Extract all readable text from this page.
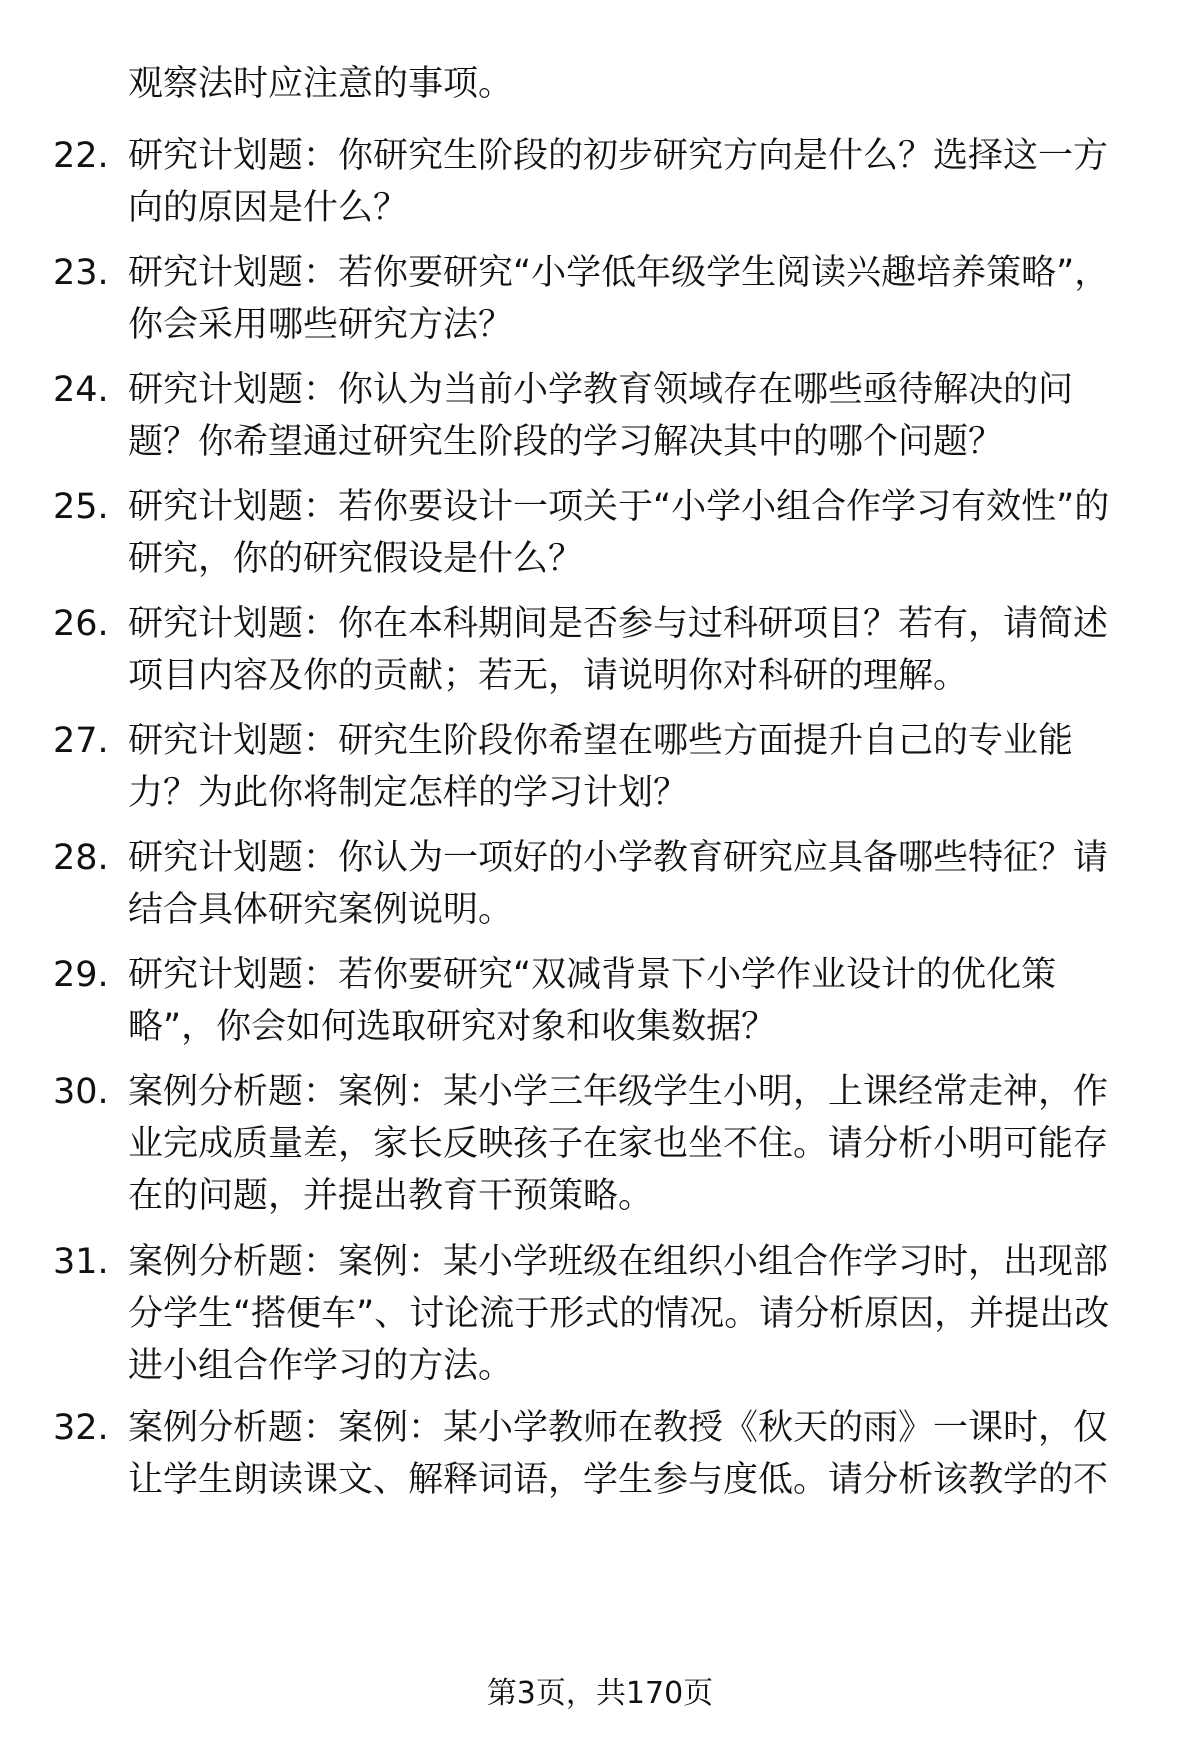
观察法时应注意的事项。

22. 研究计划题：你研究生阶段的初步研究方向是什么？选择这一方向的原因是什么？
23. 研究计划题：若你要研究“小学低年级学生阅读兴趣培养策略”，你会采用哪些研究方法？
24. 研究计划题：你认为当前小学教育领域存在哪些亟待解决的问题？你希望通过研究生阶段的学习解决其中的哪个问题？
25. 研究计划题：若你要设计一项关于“小学小组合作学习有效性”的研究，你的研究假设是什么？
26. 研究计划题：你在本科期间是否参与过科研项目？若有，请简述项目内容及你的贡献；若无，请说明你对科研的理解。
27. 研究计划题：研究生阶段你希望在哪些方面提升自己的专业能力？为此你将制定怎样的学习计划？
28. 研究计划题：你认为一项好的小学教育研究应具备哪些特征？请结合具体研究案例说明。
29. 研究计划题：若你要研究“双减背景下小学作业设计的优化策略”，你会如何选取研究对象和收集数据？
30. 案例分析题：案例：某小学三年级学生小明，上课经常走神，作业完成质量差，家长反映孩子在家也坐不住。请分析小明可能存在的问题，并提出教育干预策略。
31. 案例分析题：案例：某小学班级在组织小组合作学习时，出现部分学生“搭便车”、讨论流于形式的情况。请分析原因，并提出改进小组合作学习的方法。
32. 案例分析题：案例：某小学教师在教授《秋天的雨》一课时，仅让学生朗读课文、解释词语，学生参与度低。请分析该教学的不
第3页，共170页
